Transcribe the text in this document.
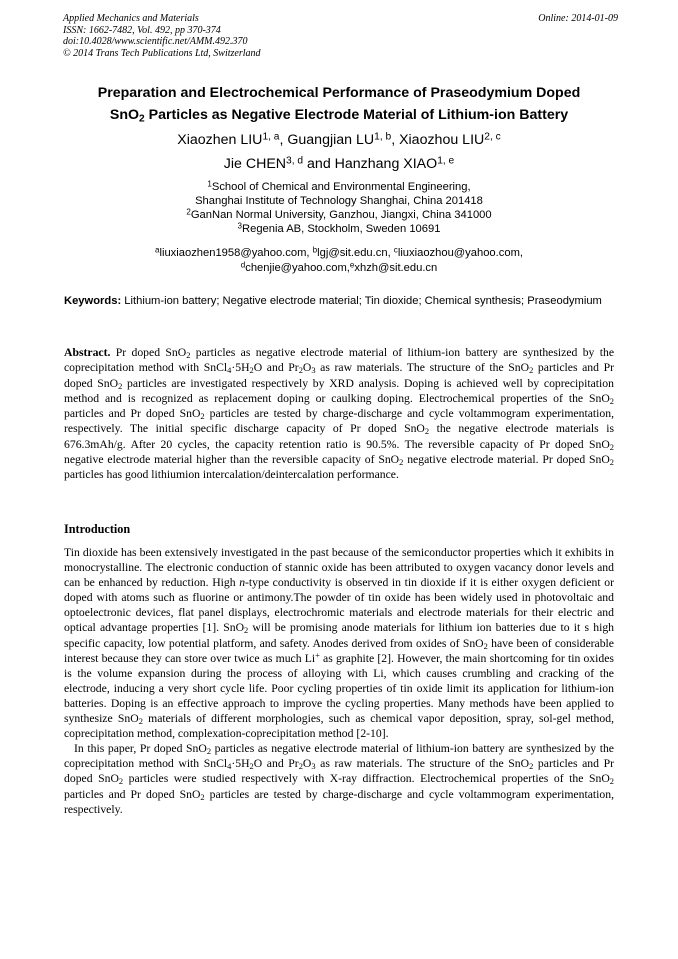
Applied Mechanics and Materials
ISSN: 1662-7482, Vol. 492, pp 370-374
doi:10.4028/www.scientific.net/AMM.492.370
© 2014 Trans Tech Publications Ltd, Switzerland
Online: 2014-01-09
Preparation and Electrochemical Performance of Praseodymium Doped
SnO$_2$ Particles as Negative Electrode Material of Lithium-ion Battery
Xiaozhen LIU$^{1, a}$, Guangjian LU$^{1, b}$, Xiaozhou LIU$^{2, c}$
Jie CHEN$^{3, d}$ and Hanzhang XIAO$^{1, e}$
$^1$School of Chemical and Environmental Engineering,
Shanghai Institute of Technology Shanghai, China 201418
$^2$GanNan Normal University, Ganzhou, Jiangxi, China 341000
$^3$Regenia AB, Stockholm, Sweden 10691
$^a$liuxiaozhen1958@yahoo.com, $^b$lgj@sit.edu.cn, $^c$liuxiaozhou@yahoo.com,
$^d$chenjie@yahoo.com,$^e$xhzh@sit.edu.cn
Keywords: Lithium-ion battery; Negative electrode material; Tin dioxide; Chemical synthesis; Praseodymium
Abstract. Pr doped SnO$_2$ particles as negative electrode material of lithium-ion battery are synthesized by the coprecipitation method with $SnCl_4\cdot 5H_2O$ and $Pr_2O_3$ as raw materials. The structure of the SnO$_2$ particles and Pr doped SnO$_2$ particles are investigated respectively by XRD analysis. Doping is achieved well by coprecipitation method and is recognized as replacement doping or caulking doping. Electrochemical properties of the SnO$_2$ particles and Pr doped SnO$_2$ particles are tested by charge-discharge and cycle voltammogram experimentation, respectively. The initial specific discharge capacity of Pr doped SnO$_2$ the negative electrode materials is 676.3mAh/g. After 20 cycles, the capacity retention ratio is 90.5%. The reversible capacity of Pr doped SnO$_2$ negative electrode material higher than the reversible capacity of SnO$_2$ negative electrode material. Pr doped SnO$_2$ particles has good lithiumion intercalation/deintercalation performance.
Introduction

Tin dioxide has been extensively investigated in the past because of the semiconductor properties which it exhibits in monocrystalline. The electronic conduction of stannic oxide has been attributed to oxygen vacancy donor levels and can be enhanced by reduction. High n-type conductivity is observed in tin dioxide if it is either oxygen deficient or doped with atoms such as fluorine or antimony.The powder of tin oxide has been widely used in photovoltaic and optoelectronic devices, flat panel displays, electrochromic materials and electrode materials for their electric and optical advantage properties [1]. SnO$_2$ will be promising anode materials for lithium ion batteries due to it s high specific capacity, low potential platform, and safety. Anodes derived from oxides of SnO$_2$ have been of considerable interest because they can store over twice as much Li+ as graphite [2]. However, the main shortcoming for tin oxides is the volume expansion during the process of alloying with Li, which causes crumbling and cracking of the electrode, inducing a very short cycle life. Poor cycling properties of tin oxide limit its application for lithium-ion batteries. Doping is an effective approach to improve the cycling properties. Many methods have been applied to synthesize SnO$_2$ materials of different morphologies, such as chemical vapor deposition, spray, sol-gel method, coprecipitation method, complexation-coprecipitation method [2-10].

In this paper, Pr doped SnO$_2$ particles as negative electrode material of lithium-ion battery are synthesized by the coprecipitation method with $SnCl_4\cdot 5H_2O$ and $Pr_2O_3$ as raw materials. The structure of the SnO$_2$ particles and Pr doped SnO$_2$ particles were studied respectively with X-ray diffraction. Electrochemical properties of the SnO$_2$ particles and Pr doped SnO$_2$ particles are tested by charge-discharge and cycle voltammogram experimentation, respectively.
